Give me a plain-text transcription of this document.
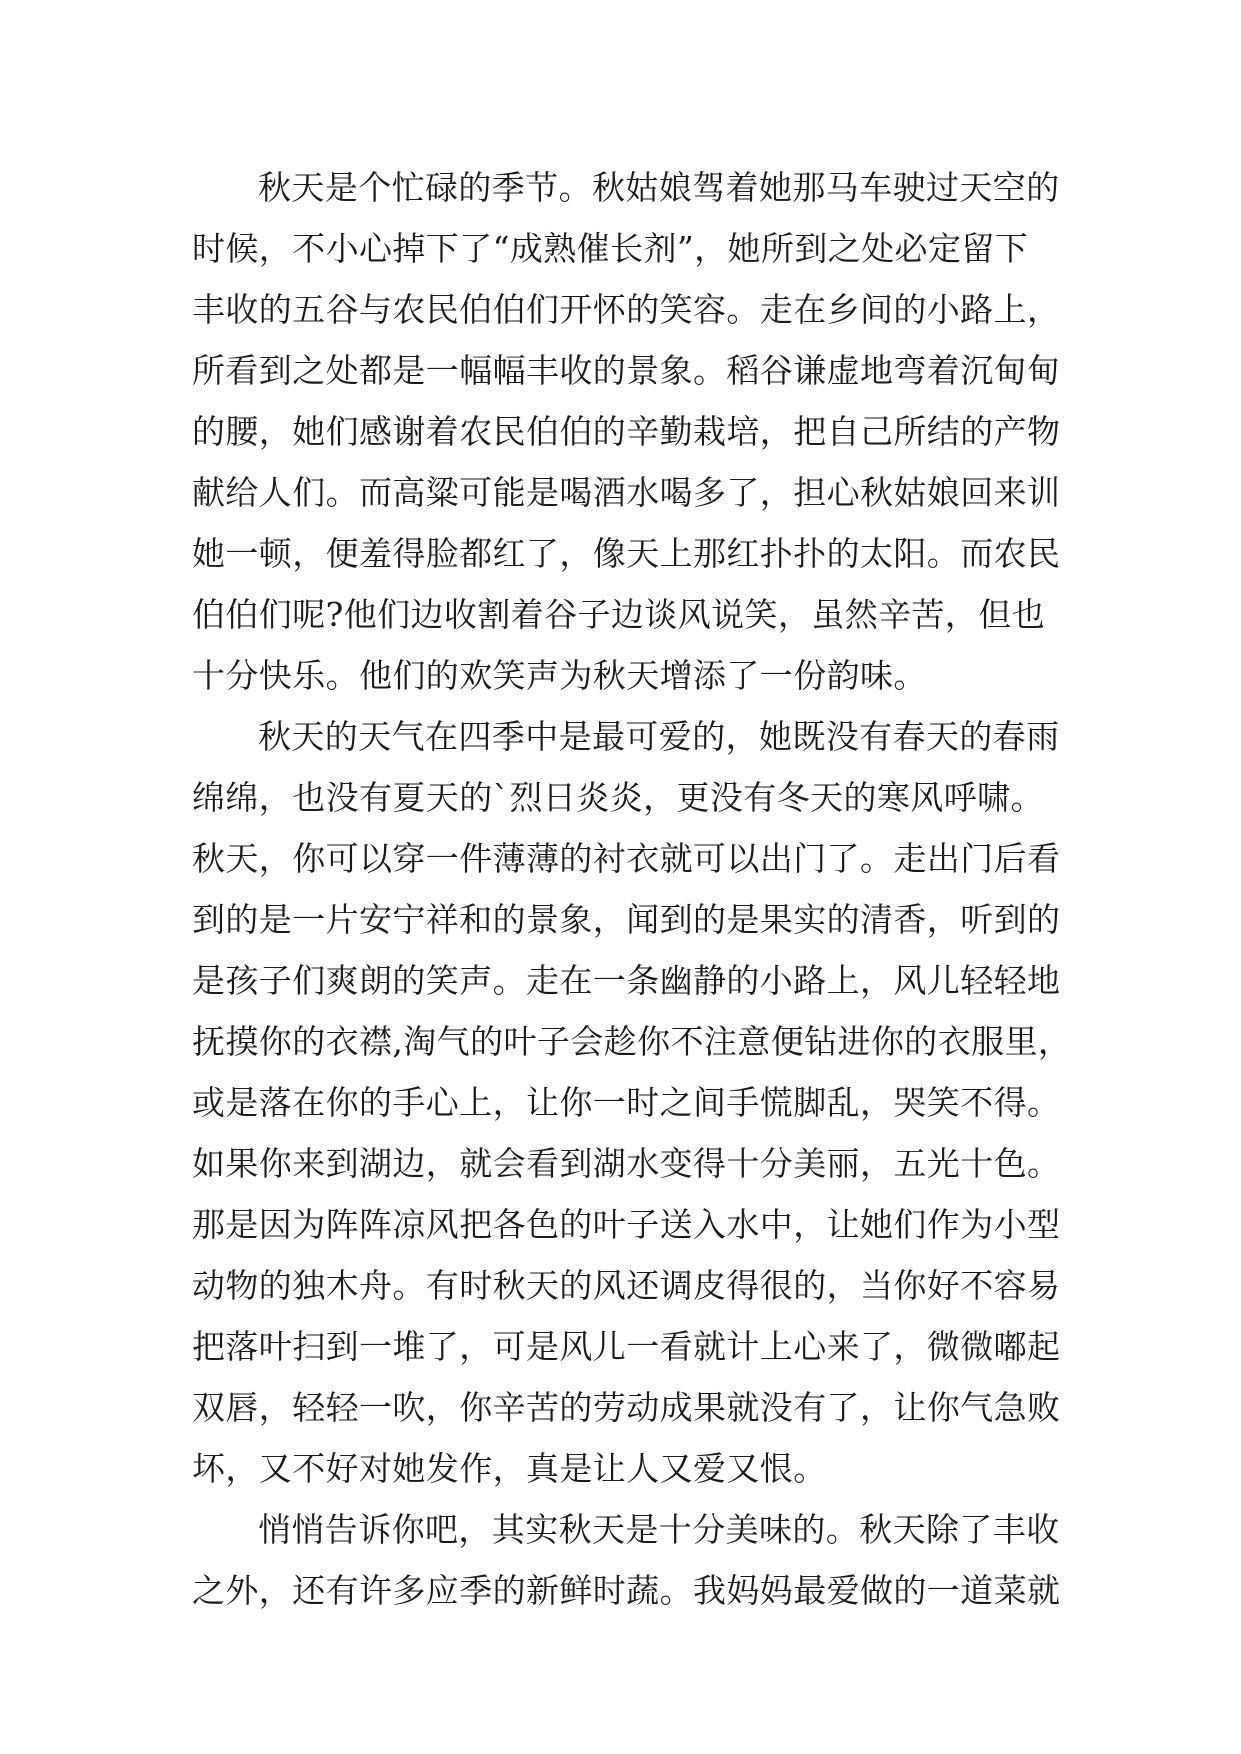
秋天是个忙碌的季节。秋姑娘驾着她那马车驶过天空的
时候，不小心掉下了“成熟催长剂”，她所到之处必定留下
丰收的五谷与农民伯伯们开怀的笑容。走在乡间的小路上，
所看到之处都是一幅幅丰收的景象。稻谷谦虚地弯着沉甸甸
的腰，她们感谢着农民伯伯的辛勤栽培，把自己所结的产物
献给人们。而高粱可能是喝酒水喝多了，担心秋姑娘回来训
她一顿，便羞得脸都红了，像天上那红扑扑的太阳。而农民
伯伯们呢?他们边收割着谷子边谈风说笑，虽然辛苦，但也
十分快乐。他们的欢笑声为秋天增添了一份韵味。
秋天的天气在四季中是最可爱的，她既没有春天的春雨
绵绵，也没有夏天的`烈日炎炎，更没有冬天的寒风呼啸。
秋天，你可以穿一件薄薄的衬衣就可以出门了。走出门后看
到的是一片安宁祥和的景象，闻到的是果实的清香，听到的
是孩子们爽朗的笑声。走在一条幽静的小路上，风儿轻轻地
抚摸你的衣襟,淘气的叶子会趁你不注意便钻进你的衣服里，
或是落在你的手心上，让你一时之间手慌脚乱，哭笑不得。
如果你来到湖边，就会看到湖水变得十分美丽，五光十色。
那是因为阵阵凉风把各色的叶子送入水中，让她们作为小型
动物的独木舟。有时秋天的风还调皮得很的，当你好不容易
把落叶扫到一堆了，可是风儿一看就计上心来了，微微嘟起
双唇，轻轻一吹，你辛苦的劳动成果就没有了，让你气急败
坏，又不好对她发作，真是让人又爱又恨。
悄悄告诉你吧，其实秋天是十分美味的。秋天除了丰收
之外，还有许多应季的新鲜时蔬。我妈妈最爱做的一道菜就
